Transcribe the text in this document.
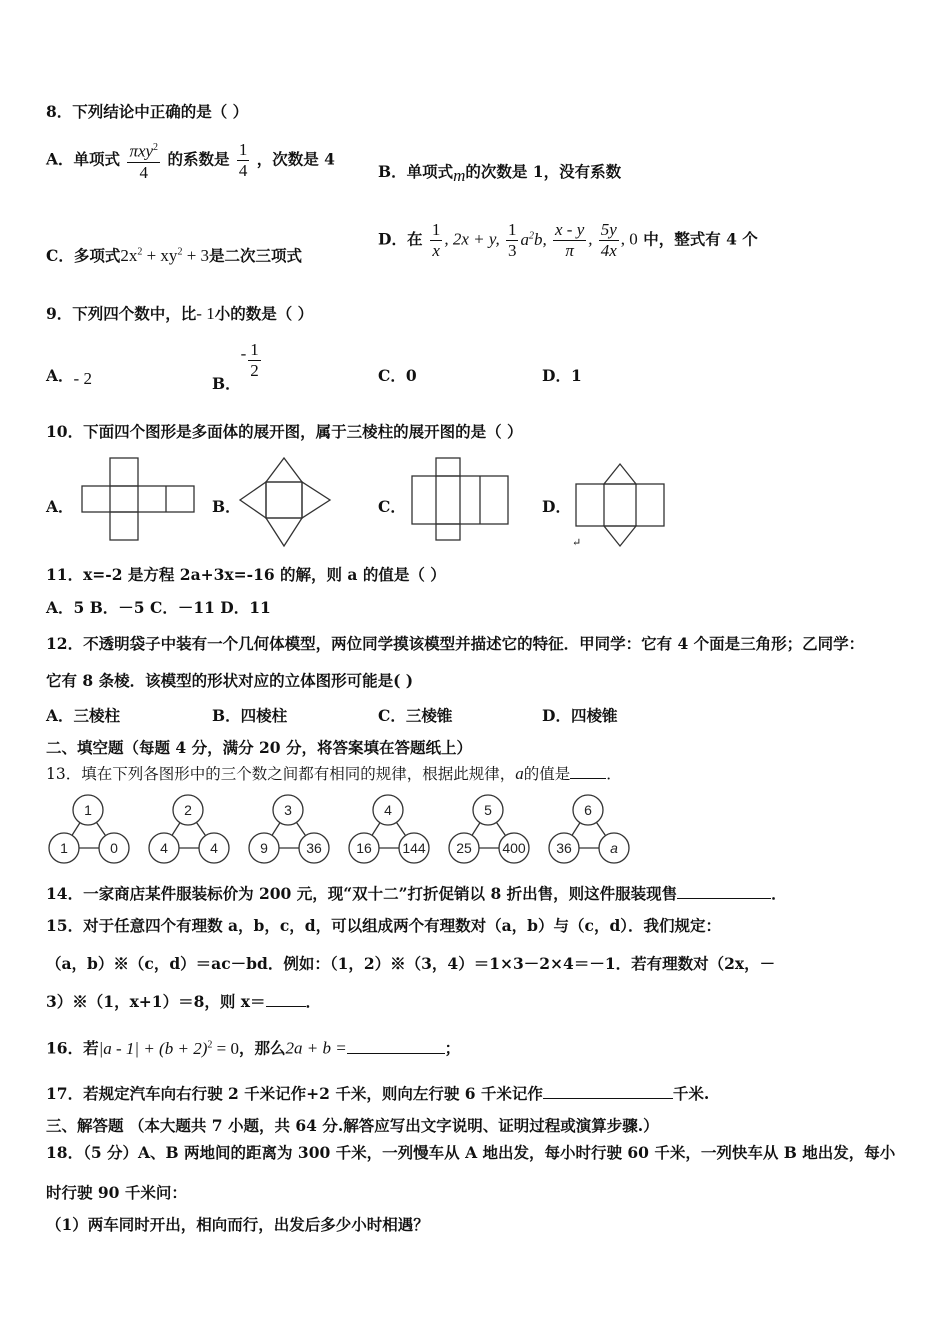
8．下列结论中正确的是（ ）
A．单项式 $\frac{\pi xy^2}{4}$ 的系数是 $\frac{1}{4}$ ，次数是 4
B．单项式m的次数是 1，没有系数
C．多项式$2x^2 + xy^2 + 3$是二次三项式
D．在 $\frac{1}{x}$ , 2x + y, $\frac{1}{3} a^2b$, $\frac{x - y}{\pi}$ , $\frac{5y}{4x}$ , 0 中，整式有 4 个
9．下列四个数中，比- 1小的数是（ ）
A．- 2	B．- $\frac{1}{2}$	C．0	D．1
10．下面四个图形是多面体的展开图，属于三棱柱的展开图的是（ ）
A．	B．	C．	D．
↵
11．x=-2 是方程 2a+3x=-16 的解，则 a 的值是（ ）
A．5 B．－5 C．－11 D．11
12．不透明袋子中装有一个几何体模型，两位同学摸该模型并描述它的特征．甲同学：它有 4 个面是三角形；乙同学：
它有 8 条棱．该模型的形状对应的立体图形可能是( )
A．三棱柱	B．四棱柱	C．三棱锥	D．四棱锥
二、填空题（每题 4 分，满分 20 分，将答案填在答题纸上）
13．填在下列各图形中的三个数之间都有相同的规律，根据此规律，a的值是 ．
1
1	0
2
4	4
3
9	36
4
16 144
5
25 400
6
36	a
14．一家商店某件服装标价为 200 元，现“双十二”打折促销以 8 折出售，则这件服装现售	．
15．对于任意四个有理数 a，b，c，d，可以组成两个有理数对（a，b）与（c，d）．我们规定：
（a，b）※（c，d）＝ac－bd．例如：（1，2）※（3，4）＝1×3－2×4＝－1．若有理数对（2x，－
3）※（1，x+1）＝8，则 x＝	．
16．若$|a - 1| + (b + 2)^2 = 0$，那么2a + b =	；
17．若规定汽车向右行驶 2 千米记作+2 千米，则向左行驶 6 千米记作	千米.
三、解答题 （本大题共 7 小题，共 64 分.解答应写出文字说明、证明过程或演算步骤.）
18．（5 分）A、B 两地间的距离为 300 千米，一列慢车从 A 地出发，每小时行驶 60 千米，一列快车从 B 地出发，每小
时行驶 90 千米问：
（1）两车同时开出，相向而行，出发后多少小时相遇？
